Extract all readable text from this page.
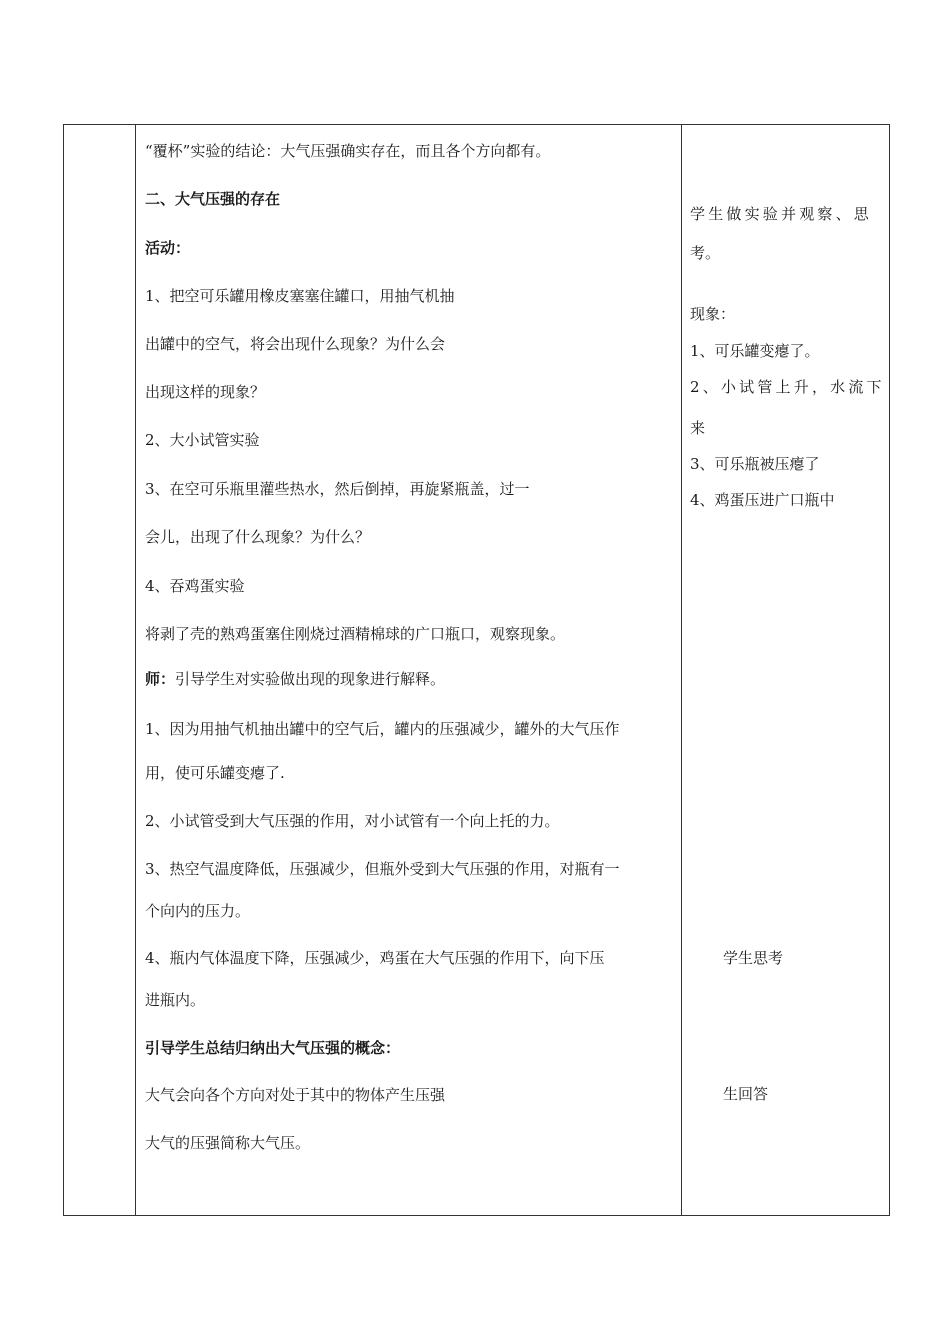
“覆杯”实验的结论：大气压强确实存在，而且各个方向都有。
二、大气压强的存在
活动：
1、把空可乐罐用橡皮塞塞住罐口，用抽气机抽
出罐中的空气，将会出现什么现象？为什么会
出现这样的现象？
2、大小试管实验
3、在空可乐瓶里灌些热水，然后倒掉，再旋紧瓶盖，过一
会儿，出现了什么现象？为什么？
4、吞鸡蛋实验
将剥了壳的熟鸡蛋塞住刚烧过酒精棉球的广口瓶口，观察现象。
师：引导学生对实验做出现的现象进行解释。
1、因为用抽气机抽出罐中的空气后，罐内的压强减少，罐外的大气压作
用，使可乐罐变瘪了.
2、小试管受到大气压强的作用，对小试管有一个向上托的力。
3、热空气温度降低，压强减少，但瓶外受到大气压强的作用，对瓶有一
个向内的压力。
4、瓶内气体温度下降，压强减少，鸡蛋在大气压强的作用下，向下压
进瓶内。
引导学生总结归纳出大气压强的概念：
大气会向各个方向对处于其中的物体产生压强
大气的压强简称大气压。
学生做实验并观察、思
考。
现象：
1、可乐罐变瘪了。
2、小试管上升，水流下
来
3、可乐瓶被压瘪了
4、鸡蛋压进广口瓶中
学生思考
生回答
